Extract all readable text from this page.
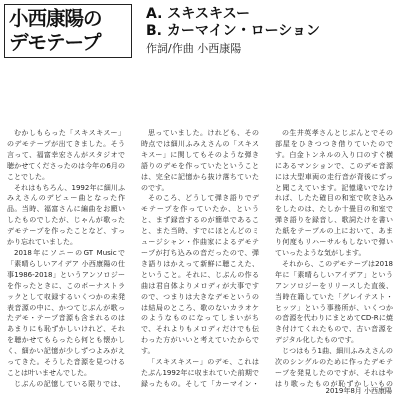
小西康陽の
デモテープ
A. スキスキスー
B. カーマイン・ローション
作詞/作曲 小西康陽

むかしもらった「スキスキスー」のデモテープが出てきました。そう言って、福富幸宏さんがスタジオで聴かせてくださったのは今年の6月のことでした。

それはもちろん、1992年に細川ふみえさんのデビュー曲となった作品。当時、福富さんに編曲をお願いしたものでしたが、じゃんが歌ったデモテープを作ったことなど、すっかり忘れていました。

2018年にソニーのGT Musicで「素晴らしいアイデア 小西康陽の仕事1986-2018」というアンソロジーを作ったときに、このボーナストラックとして収録するいくつかの未発表音源の中に、かつてじぶんが歌ったデモ・テープ音源も含まれるのはあまりにも恥ずかしいけれど、それを聴かせてもらったら何とも懐かしく、細かい記憶が少しずつよみがえってきた。そうした音源を見つけることは叶いませんでした。

じぶんの記憶している限りでは、

思っていました。けれども、その時点では細川ふみえさんの「スキスキスー」に関してもそのような弾き語りのデモを作っていたということは、完全に記憶から抜け落ちていたのです。

そのころ、どうして弾き語りでデモテープを作っていたか、というと、まず録音するのが簡単であること、また当時、すでにほとんどのミュージシャン・作曲家によるデモテープが打ち込みの音だったので、弾き語りはかえって新鮮に聴こえた、ということ。それに、じぶんの作る曲は君自体よりメロディが大事ですので、つまりは大きなデモというのは結局のところ、歌のないカラオケのようなものになってしまいがちで、それよりもメロディだけでも伝わった方がいいと考えていたからです。

「スキスキスー」のデモ、これはたぶん1992年に収まれていた前期で録ったもの。そして「カーマイン・

の生井英孝さんとじぶんとでその部屋をひきつつき借りていたのです。白金トンネルの入り口のすぐ横にあるマンションで、このデモ音源には大型車両の走行音が背後にずっと聞こえています。記憶違いでなければ、したた確目の和室で吹き込みをしたのは、たしか十畳目の和室で弾き語りを録音し、歌詞たけを書いた紙をテーブルの上において、あまり何度もリハーサルもしないで弾いていったような気がします。

それから、このデモテープは2018年に「素晴らしいアイデア」というアンソロジーをリリースした直後、当時在籍していた「グレイテスト・ヒッツ」という事務所が、いくつかの音源を代わりにまとめてCD-Rに焼き付けてくれたもので、古い音源をデジタル化したものです。

じつはもう1曲、細川ふみえさんの次のシングルのために作ったデモテープを発見したのですが、それはやはり歌ったものが恥ずかしいもの

2019年8月 小西康陽
